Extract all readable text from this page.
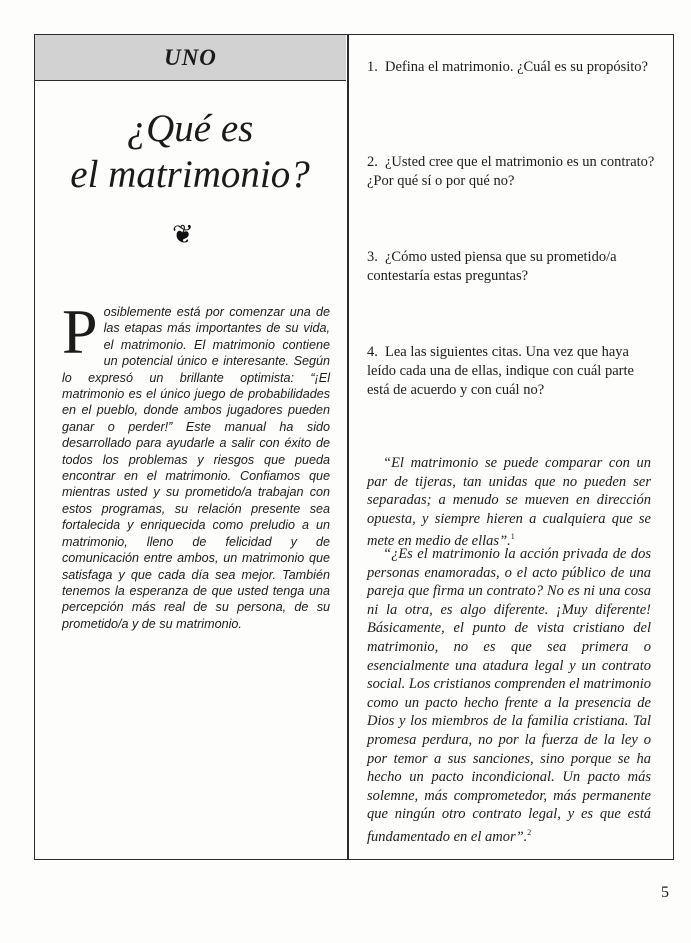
UNO
¿Qué es
el matrimonio?
❦
Posiblemente está por comenzar una de las etapas más importantes de su vida, el matrimonio. El matrimonio contiene un potencial único e interesante. Según lo expresó un brillante optimista: “¡El matrimonio es el único juego de probabilidades en el pueblo, donde ambos jugadores pueden ganar o perder!” Este manual ha sido desarrollado para ayudarle a salir con éxito de todos los problemas y riesgos que pueda encontrar en el matrimonio. Confiamos que mientras usted y su prometido/a trabajan con estos programas, su relación presente sea fortalecida y enriquecida como preludio a un matrimonio, lleno de felicidad y de comunicación entre ambos, un matrimonio que satisfaga y que cada día sea mejor. También tenemos la esperanza de que usted tenga una percepción más real de su persona, de su prometido/a y de su matrimonio.
1. Defina el matrimonio. ¿Cuál es su propósito?
2. ¿Usted cree que el matrimonio es un contrato? ¿Por qué sí o por qué no?
3. ¿Cómo usted piensa que su prometido/a contestaría estas preguntas?
4. Lea las siguientes citas. Una vez que haya leído cada una de ellas, indique con cuál parte está de acuerdo y con cuál no?

“El matrimonio se puede comparar con un par de tijeras, tan unidas que no pueden ser separadas; a menudo se mueven en dirección opuesta, y siempre hieren a cualquiera que se mete en medio de ellas”.$^1$

“¿Es el matrimonio la acción privada de dos personas enamoradas, o el acto público de una pareja que firma un contrato? No es ni una cosa ni la otra, es algo diferente. ¡Muy diferente! Básicamente, el punto de vista cristiano del matrimonio, no es que sea primera o esencialmente una atadura legal y un contrato social. Los cristianos comprenden el matrimonio como un pacto hecho frente a la presencia de Dios y los miembros de la familia cristiana. Tal promesa perdura, no por la fuerza de la ley o por temor a sus sanciones, sino porque se ha hecho un pacto incondicional. Un pacto más solemne, más comprometedor, más permanente que ningún otro contrato legal, y es que está fundamentado en el amor”.$^2$

5
